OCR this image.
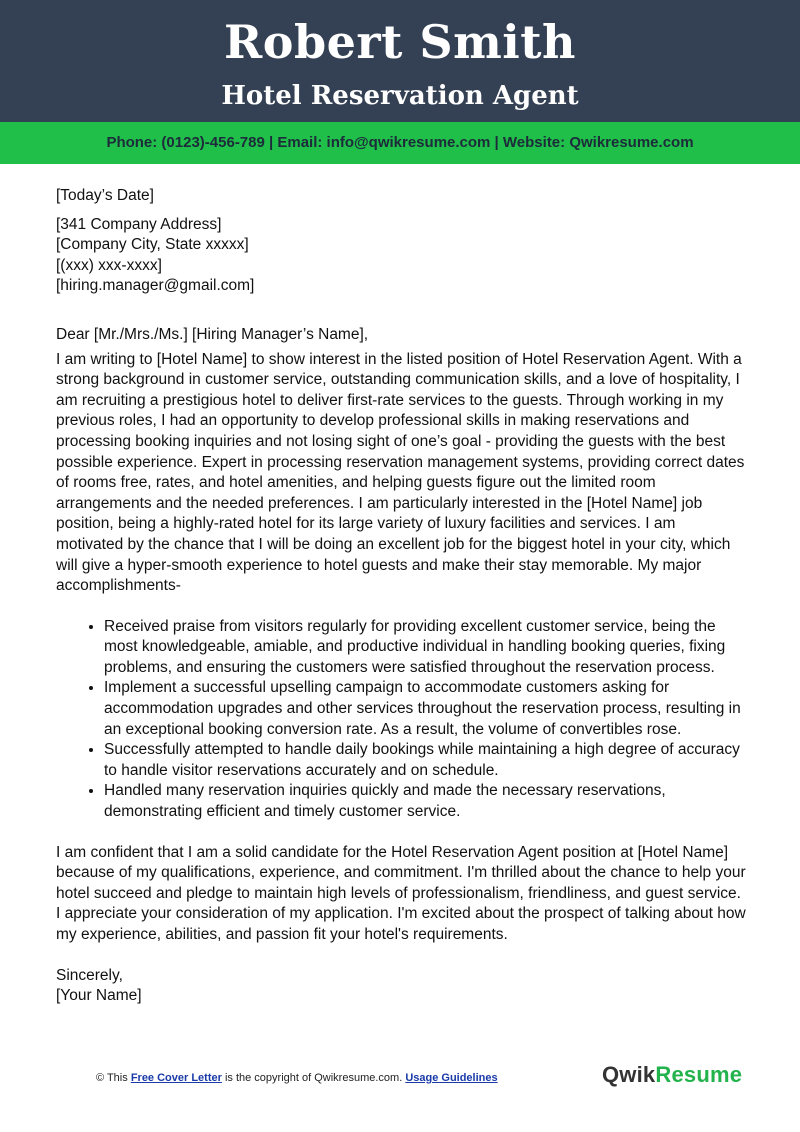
Robert Smith
Hotel Reservation Agent
Phone: (0123)-456-789 | Email: info@qwikresume.com | Website: Qwikresume.com

[Today’s Date]

[341 Company Address]

[Company City, State xxxxx]

[(xxx) xxx-xxxx]

[hiring.manager@gmail.com]

Dear [Mr./Mrs./Ms.] [Hiring Manager’s Name],

I am writing to [Hotel Name] to show interest in the listed position of Hotel Reservation Agent. With a strong background in customer service, outstanding communication skills, and a love of hospitality, I am recruiting a prestigious hotel to deliver first-rate services to the guests. Through working in my previous roles, I had an opportunity to develop professional skills in making reservations and processing booking inquiries and not losing sight of one’s goal - providing the guests with the best possible experience. Expert in processing reservation management systems, providing correct dates of rooms free, rates, and hotel amenities, and helping guests figure out the limited room arrangements and the needed preferences. I am particularly interested in the [Hotel Name] job position, being a highly-rated hotel for its large variety of luxury facilities and services. I am motivated by the chance that I will be doing an excellent job for the biggest hotel in your city, which will give a hyper-smooth experience to hotel guests and make their stay memorable. My major accomplishments-

• Received praise from visitors regularly for providing excellent customer service, being the most knowledgeable, amiable, and productive individual in handling booking queries, fixing problems, and ensuring the customers were satisfied throughout the reservation process.
• Implement a successful upselling campaign to accommodate customers asking for accommodation upgrades and other services throughout the reservation process, resulting in an exceptional booking conversion rate. As a result, the volume of convertibles rose.
• Successfully attempted to handle daily bookings while maintaining a high degree of accuracy to handle visitor reservations accurately and on schedule.
• Handled many reservation inquiries quickly and made the necessary reservations, demonstrating efficient and timely customer service.

I am confident that I am a solid candidate for the Hotel Reservation Agent position at [Hotel Name] because of my qualifications, experience, and commitment. I'm thrilled about the chance to help your hotel succeed and pledge to maintain high levels of professionalism, friendliness, and guest service. I appreciate your consideration of my application. I'm excited about the prospect of talking about how my experience, abilities, and passion fit your hotel's requirements.

Sincerely,

[Your Name]

© This Free Cover Letter is the copyright of Qwikresume.com. Usage Guidelines	QwikResume
